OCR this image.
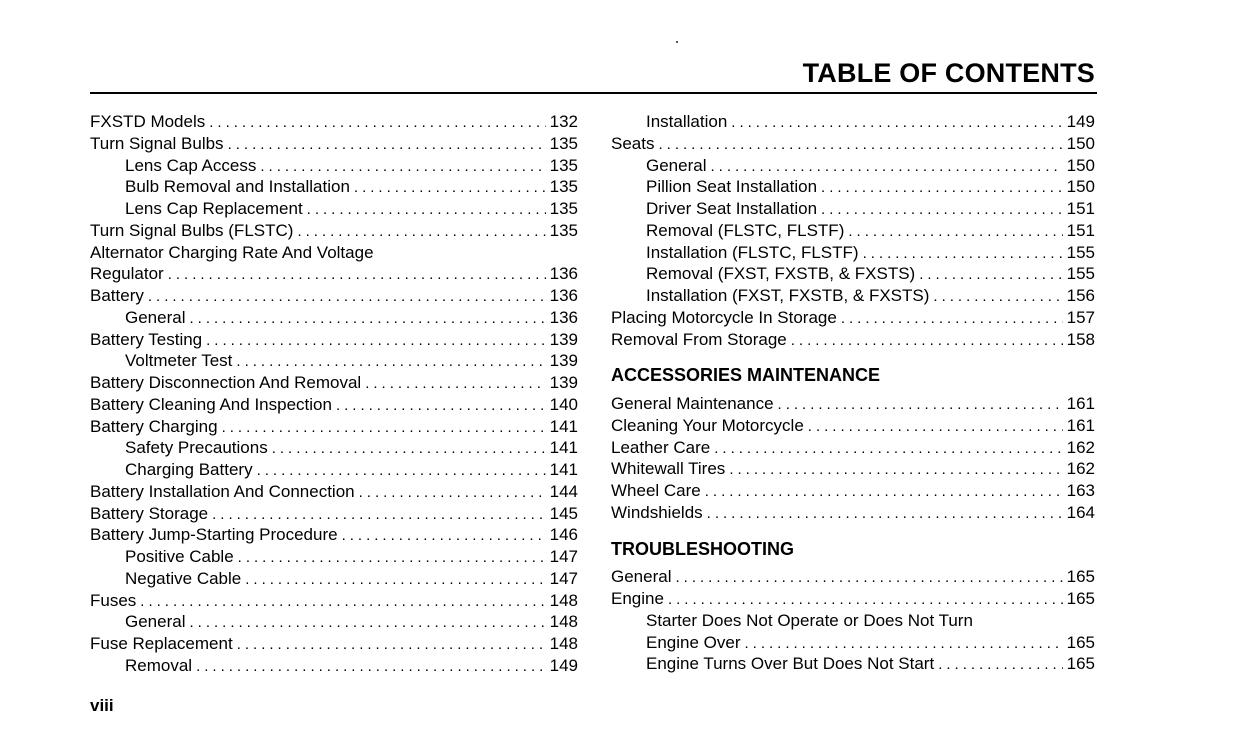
TABLE OF CONTENTS
FXSTD Models .....	132
Turn Signal Bulbs .....	135
Lens Cap Access .....	135
Bulb Removal and Installation .....	135
Lens Cap Replacement .....	135
Turn Signal Bulbs (FLSTC) .....	135
Alternator Charging Rate And Voltage
Regulator .....	136
Battery .....	136
General .....	136
Battery Testing .....	139
Voltmeter Test .....	139
Battery Disconnection And Removal .....	139
Battery Cleaning And Inspection .....	140
Battery Charging .....	141
Safety Precautions .....	141
Charging Battery .....	141
Battery Installation And Connection .....	144
Battery Storage .....	145
Battery Jump-Starting Procedure .....	146
Positive Cable .....	147
Negative Cable .....	147
Fuses .....	148
General .....	148
Fuse Replacement .....	148
Removal .....	149
Installation .....	149
Seats .....	150
General .....	150
Pillion Seat Installation .....	150
Driver Seat Installation .....	151
Removal (FLSTC, FLSTF) .....	151
Installation (FLSTC, FLSTF) .....	155
Removal (FXST, FXSTB, & FXSTS) .....	155
Installation (FXST, FXSTB, & FXSTS) .....	156
Placing Motorcycle In Storage .....	157
Removal From Storage .....	158
ACCESSORIES MAINTENANCE
General Maintenance .....	161
Cleaning Your Motorcycle .....	161
Leather Care .....	162
Whitewall Tires .....	162
Wheel Care .....	163
Windshields .....	164
TROUBLESHOOTING
General .....	165
Engine .....	165
Starter Does Not Operate or Does Not Turn
Engine Over .....	165
Engine Turns Over But Does Not Start .....	165
viii
